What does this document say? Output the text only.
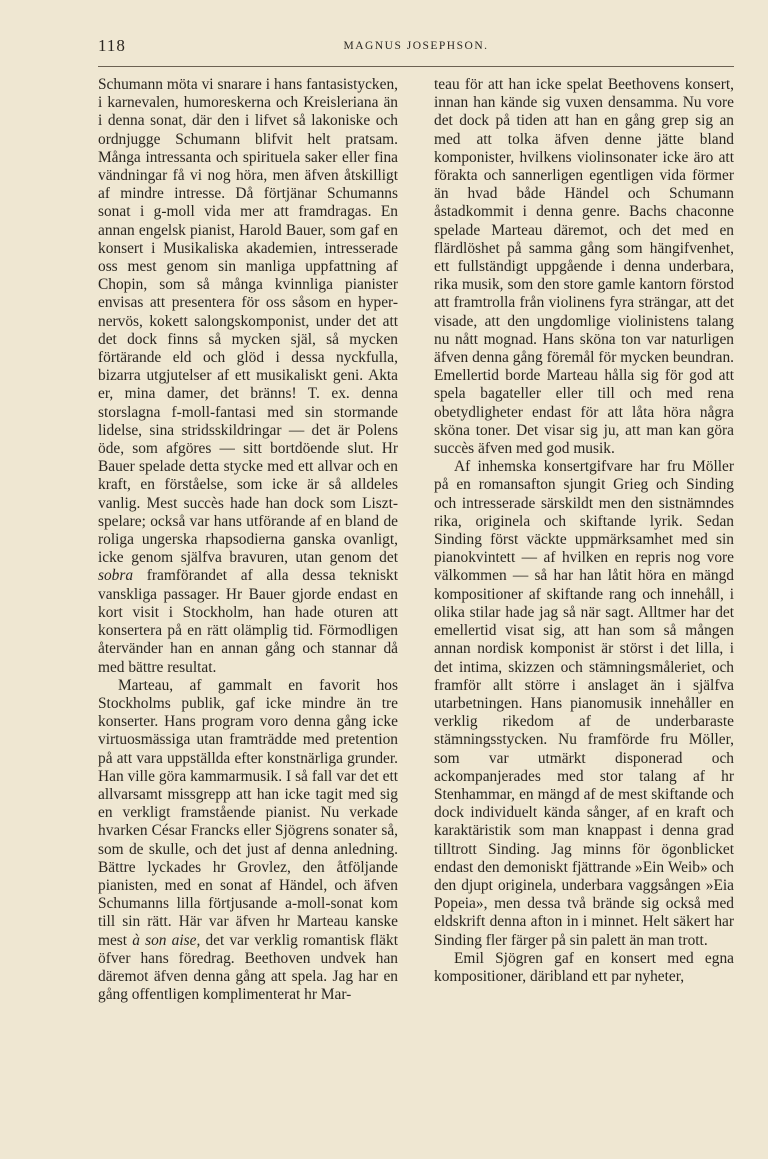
118	MAGNUS JOSEPHSON.

Schumann möta vi snarare i hans fantasistycken, i karnevalen, humoreskerna och Kreisleriana än i denna sonat, där den i lifvet så lakoniske och ordnjugge Schumann blifvit helt pratsam. Många intressanta och spirituela saker eller fina vändningar få vi nog höra, men äfven åtskilligt af mindre intresse. Då förtjänar Schumanns sonat i g-moll vida mer att framdragas. En annan engelsk pianist, Harold Bauer, som gaf en konsert i Musikaliska akademien, intresserade oss mest genom sin manliga uppfattning af Chopin, som så många kvinnliga pianister envisas att presentera för oss såsom en hyper-nervös, kokett salongskomponist, under det att det dock finns så mycken själ, så mycken förtärande eld och glöd i dessa nyckfulla, bizarra utgjutelser af ett musikaliskt geni. Akta er, mina damer, det bränns! T. ex. denna storslagna f-moll-fantasi med sin stormande lidelse, sina stridsskildringar — det är Polens öde, som afgöres — sitt bortdöende slut. Hr Bauer spelade detta stycke med ett allvar och en kraft, en förståelse, som icke är så alldeles vanlig. Mest succès hade han dock som Liszt-spelare; också var hans utförande af en bland de roliga ungerska rhapsodierna ganska ovanligt, icke genom själfva bravuren, utan genom det sobra framförandet af alla dessa tekniskt vanskliga passager. Hr Bauer gjorde endast en kort visit i Stockholm, han hade oturen att konsertera på en rätt olämplig tid. Förmodligen återvänder han en annan gång och stannar då med bättre resultat.

Marteau, af gammalt en favorit hos Stockholms publik, gaf icke mindre än tre konserter. Hans program voro denna gång icke virtuosmässiga utan framträdde med pretention på att vara uppställda efter konstnärliga grunder. Han ville göra kammarmusik. I så fall var det ett allvarsamt missgrepp att han icke tagit med sig en verkligt framstående pianist. Nu verkade hvarken César Francks eller Sjögrens sonater så, som de skulle, och det just af denna anledning. Bättre lyckades hr Grovlez, den åtföljande pianisten, med en sonat af Händel, och äfven Schumanns lilla förtjusande a-moll-sonat kom till sin rätt. Här var äfven hr Marteau kanske mest à son aise, det var verklig romantisk fläkt öfver hans föredrag. Beethoven undvek han däremot äfven denna gång att spela. Jag har en gång offentligen komplimenterat hr Mar-

teau för att han icke spelat Beethovens konsert, innan han kände sig vuxen densamma. Nu vore det dock på tiden att han en gång grep sig an med att tolka äfven denne jätte bland komponister, hvilkens violinsonater icke äro att förakta och sannerligen egentligen vida förmer än hvad både Händel och Schumann åstadkommit i denna genre. Bachs chaconne spelade Marteau däremot, och det med en flärdlöshet på samma gång som hängifvenhet, ett fullständigt uppgående i denna underbara, rika musik, som den store gamle kantorn förstod att framtrolla från violinens fyra strängar, att det visade, att den ungdomlige violinistens talang nu nått mognad. Hans sköna ton var naturligen äfven denna gång föremål för mycken beundran. Emellertid borde Marteau hålla sig för god att spela bagateller eller till och med rena obetydligheter endast för att låta höra några sköna toner. Det visar sig ju, att man kan göra succès äfven med god musik.

Af inhemska konsertgifvare har fru Möller på en romansafton sjungit Grieg och Sinding och intresserade särskildt men den sistnämndes rika, originela och skiftande lyrik. Sedan Sinding först väckte uppmärksamhet med sin pianokvintett — af hvilken en repris nog vore välkommen — så har han låtit höra en mängd kompositioner af skiftande rang och innehåll, i olika stilar hade jag så när sagt. Alltmer har det emellertid visat sig, att han som så mången annan nordisk komponist är störst i det lilla, i det intima, skizzen och stämningsmåleriet, och framför allt större i anslaget än i själfva utarbetningen. Hans pianomusik innehåller en verklig rikedom af de underbaraste stämningsstycken. Nu framförde fru Möller, som var utmärkt disponerad och ackompanjerades med stor talang af hr Stenhammar, en mängd af de mest skiftande och dock individuelt kända sånger, af en kraft och karaktäristik som man knappast i denna grad tilltrott Sinding. Jag minns för ögonblicket endast den demoniskt fjättrande »Ein Weib» och den djupt originela, underbara vaggsången »Eia Popeia», men dessa två brände sig också med eldskrift denna afton in i minnet. Helt säkert har Sinding fler färger på sin palett än man trott.

Emil Sjögren gaf en konsert med egna kompositioner, däribland ett par nyheter,
